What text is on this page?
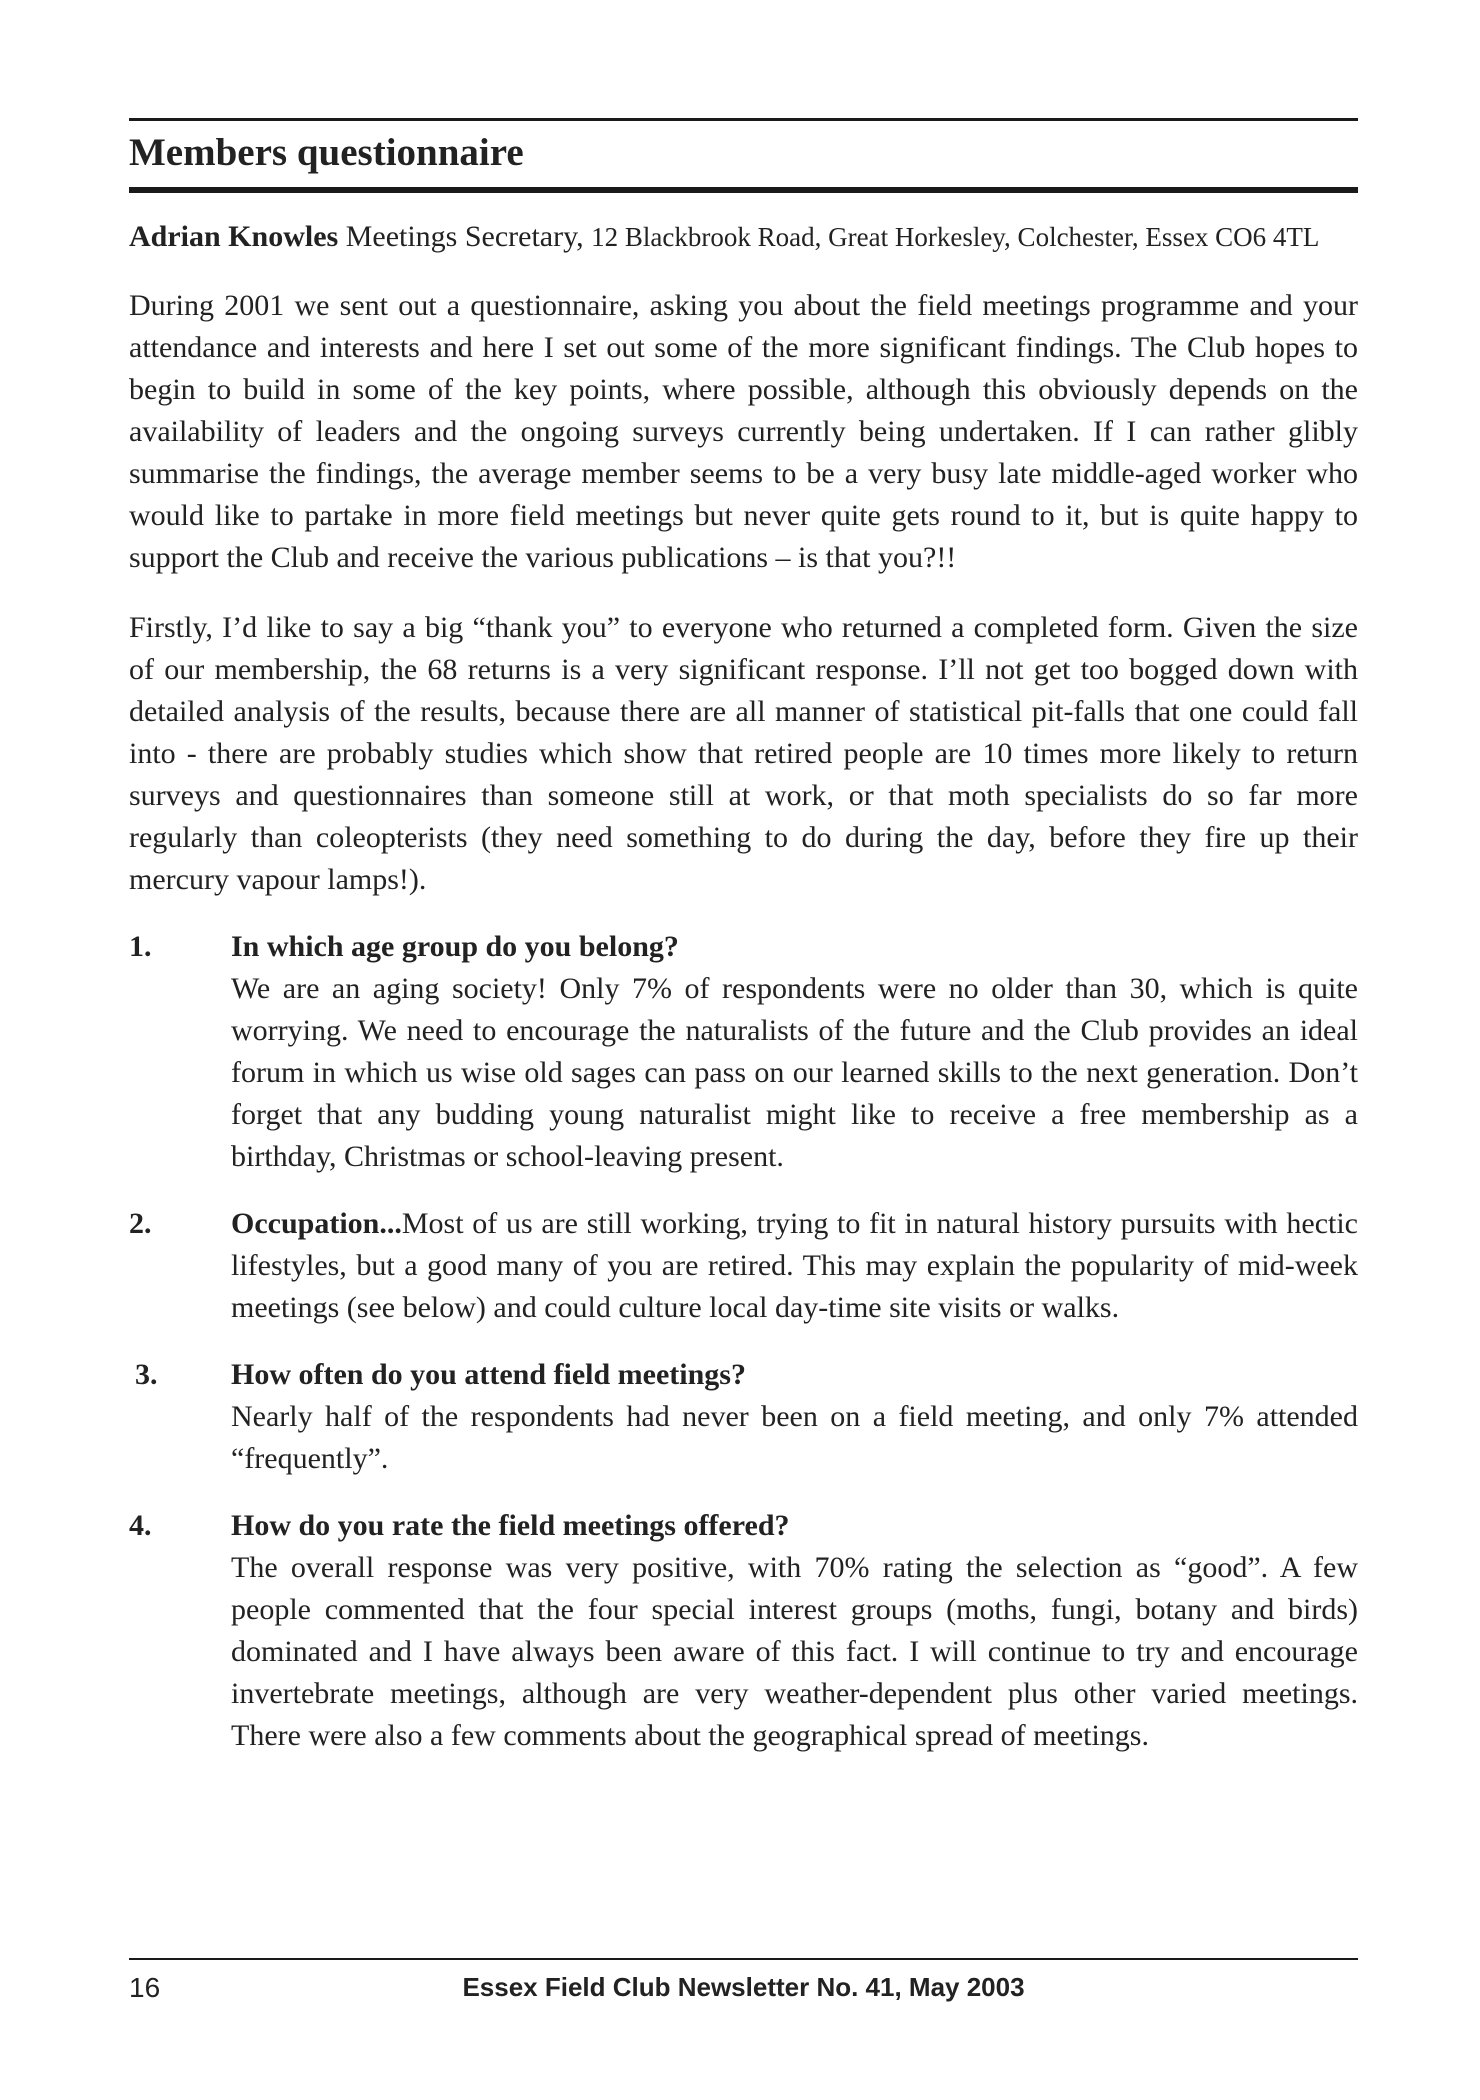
Members questionnaire
Adrian Knowles Meetings Secretary, 12 Blackbrook Road, Great Horkesley, Colchester, Essex CO6 4TL

During 2001 we sent out a questionnaire, asking you about the field meetings programme and your attendance and interests and here I set out some of the more significant findings. The Club hopes to begin to build in some of the key points, where possible, although this obviously depends on the availability of leaders and the ongoing surveys currently being undertaken. If I can rather glibly summarise the findings, the average member seems to be a very busy late middle-aged worker who would like to partake in more field meetings but never quite gets round to it, but is quite happy to support the Club and receive the various publications – is that you?!!

Firstly, I’d like to say a big “thank you” to everyone who returned a completed form. Given the size of our membership, the 68 returns is a very significant response. I’ll not get too bogged down with detailed analysis of the results, because there are all manner of statistical pit-falls that one could fall into - there are probably studies which show that retired people are 10 times more likely to return surveys and questionnaires than someone still at work, or that moth specialists do so far more regularly than coleopterists (they need something to do during the day, before they fire up their mercury vapour lamps!).

1.	In which age group do you belong?
We are an aging society! Only 7% of respondents were no older than 30, which is quite worrying. We need to encourage the naturalists of the future and the Club provides an ideal forum in which us wise old sages can pass on our learned skills to the next generation. Don’t forget that any budding young naturalist might like to receive a free membership as a birthday, Christmas or school-leaving present.
2.	Occupation...Most of us are still working, trying to fit in natural history pursuits with hectic lifestyles, but a good many of you are retired. This may explain the popularity of mid-week meetings (see below) and could culture local day-time site visits or walks.
3.	How often do you attend field meetings?
Nearly half of the respondents had never been on a field meeting, and only 7% attended “frequently”.
4.	How do you rate the field meetings offered?
The overall response was very positive, with 70% rating the selection as “good”. A few people commented that the four special interest groups (moths, fungi, botany and birds) dominated and I have always been aware of this fact. I will continue to try and encourage invertebrate meetings, although are very weather-dependent plus other varied meetings. There were also a few comments about the geographical spread of meetings.
16	Essex Field Club Newsletter No. 41, May 2003
